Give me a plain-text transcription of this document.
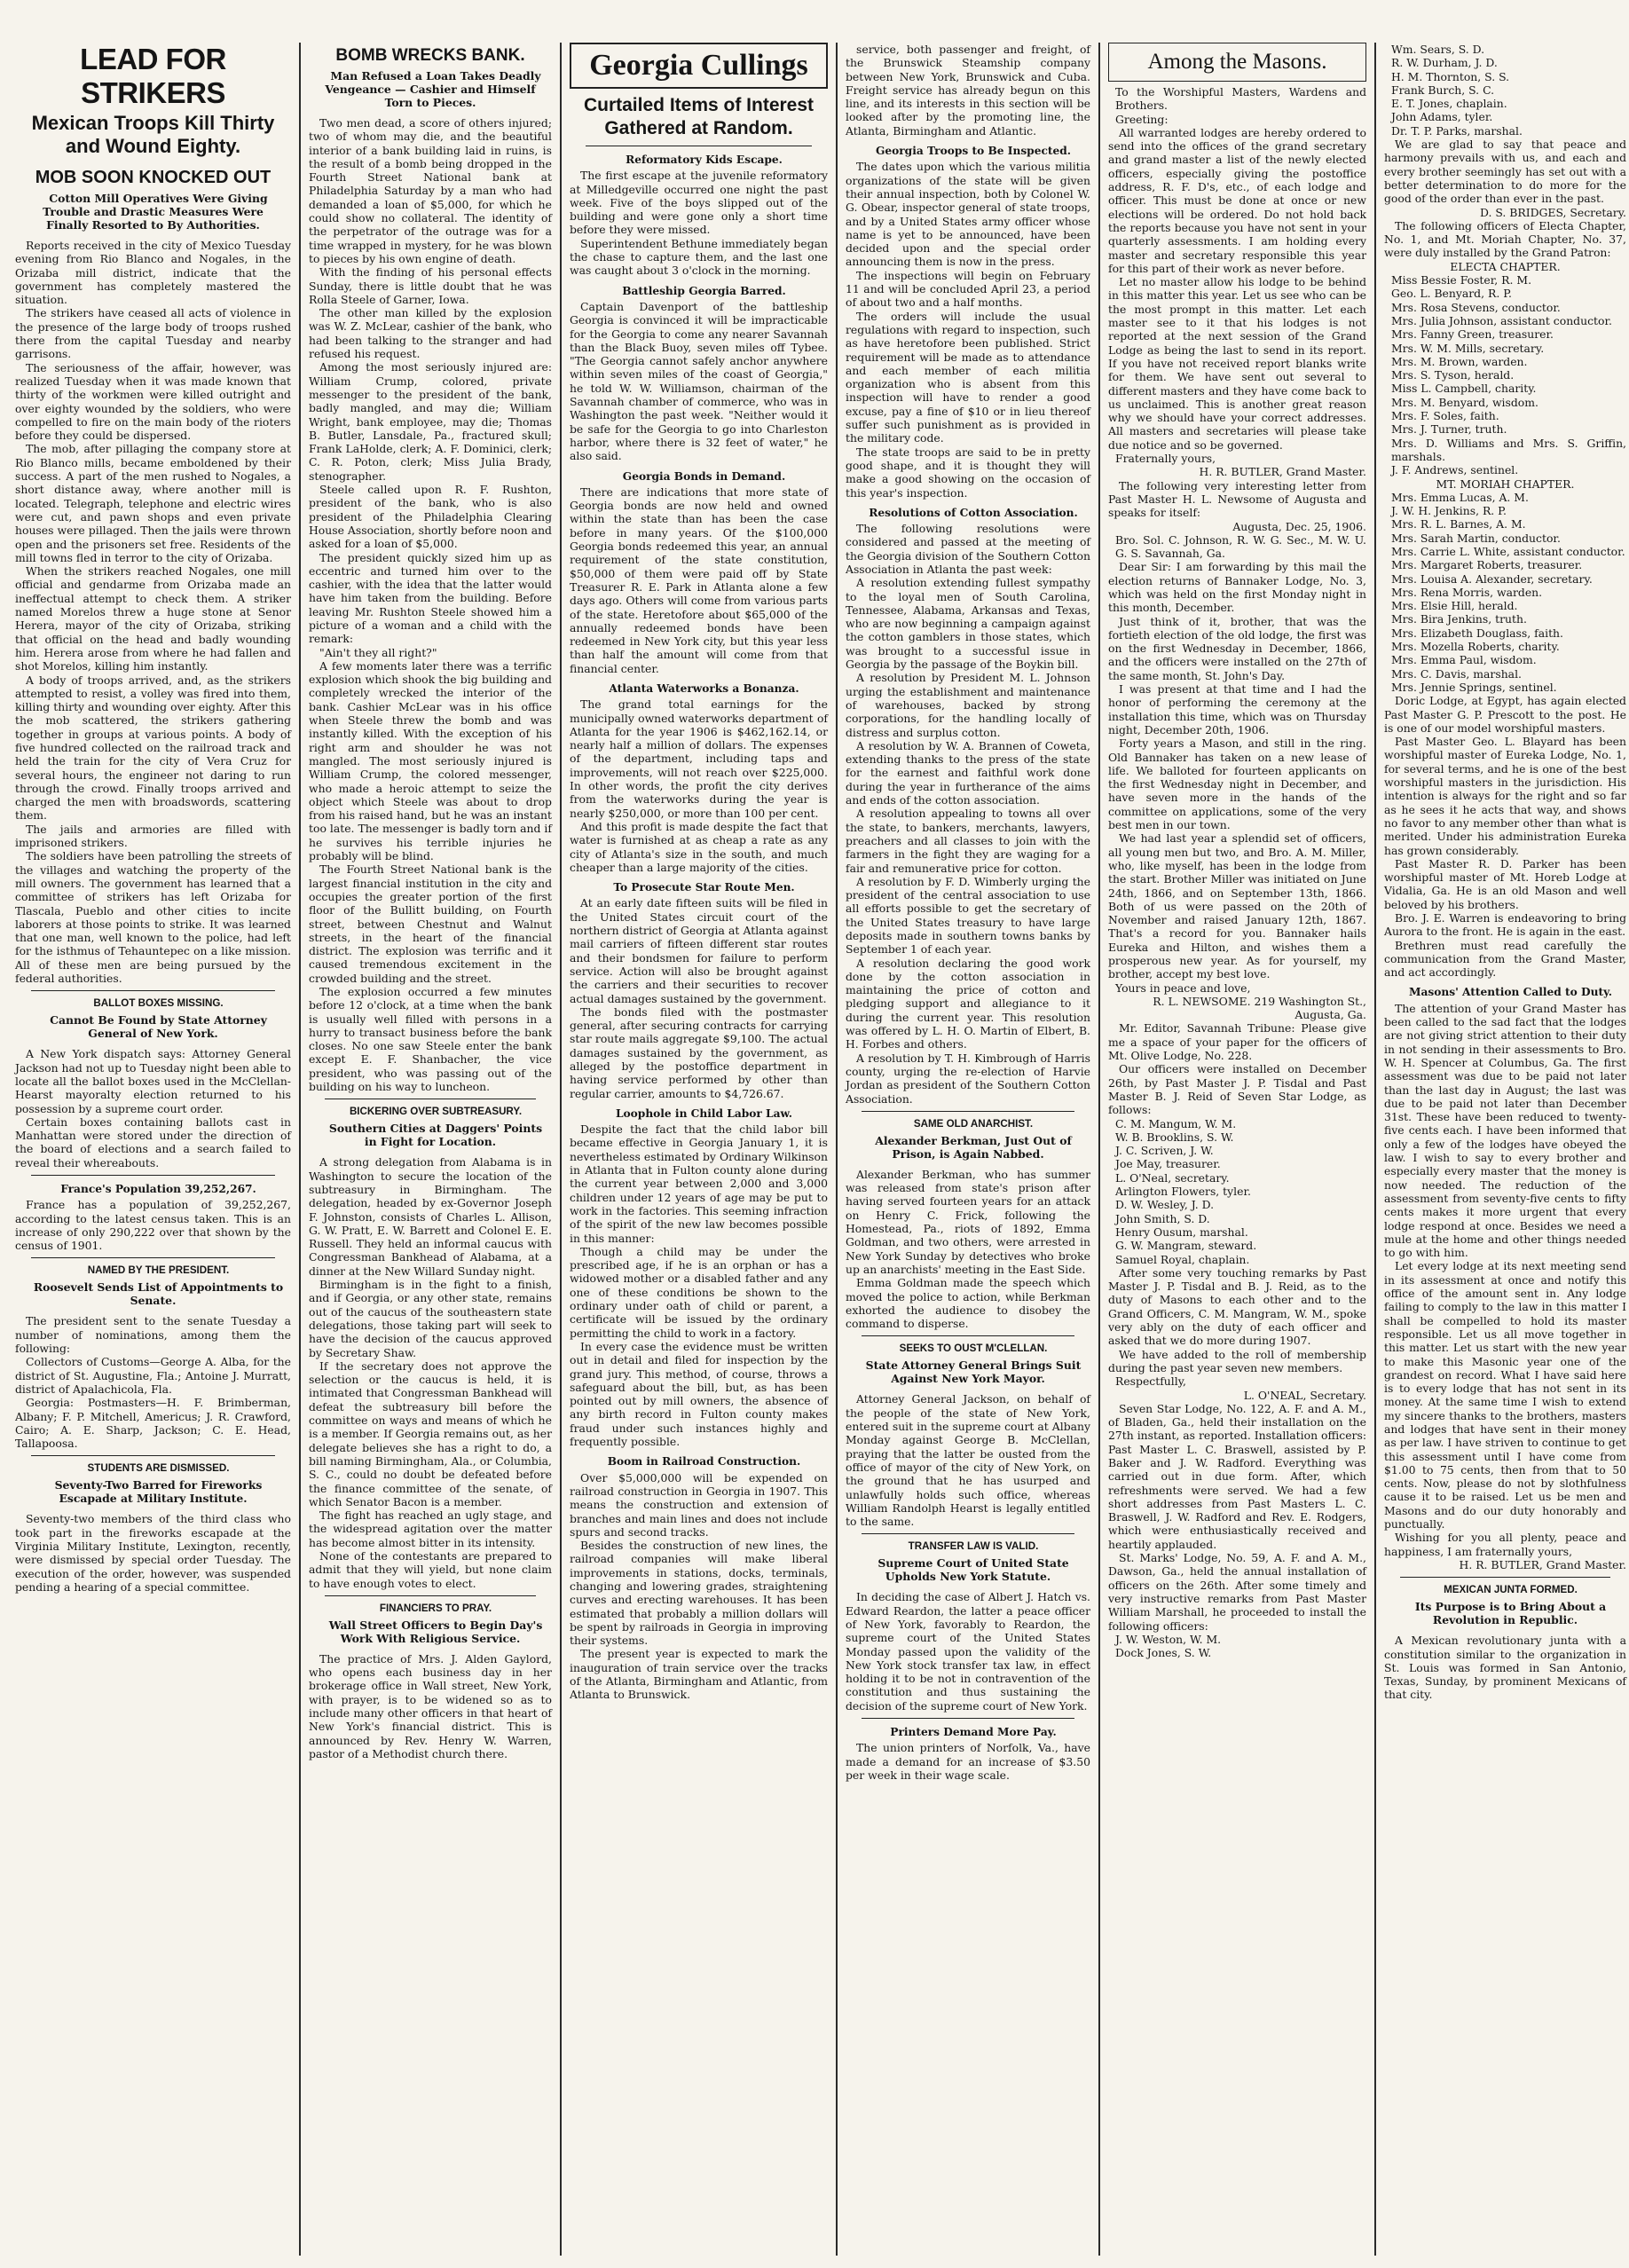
LEAD FOR STRIKERS
Mexican Troops Kill Thirty and Wound Eighty.
MOB SOON KNOCKED OUT

Cotton Mill Operatives Were Giving Trouble and Drastic Measures Were Finally Resorted to By Authorities.

Reports received in the city of Mexico Tuesday evening from Rio Blanco and Nogales, in the Orizaba mill district, indicate that the government has completely mastered the situation.

The strikers have ceased all acts of violence in the presence of the large body of troops rushed there from the capital Tuesday and nearby garrisons.

The seriousness of the affair, however, was realized Tuesday when it was made known that thirty of the workmen were killed outright and over eighty wounded by the soldiers, who were compelled to fire on the main body of the rioters before they could be dispersed.

The mob, after pillaging the company store at Rio Blanco mills, became emboldened by their success. A part of the men rushed to Nogales, a short distance away, where another mill is located. Telegraph, telephone and electric wires were cut, and pawn shops and even private houses were pillaged. Then the jails were thrown open and the prisoners set free. Residents of the mill towns fled in terror to the city of Orizaba.

When the strikers reached Nogales, one mill official and gendarme from Orizaba made an ineffectual attempt to check them. A striker named Morelos threw a huge stone at Senor Herera, mayor of the city of Orizaba, striking that official on the head and badly wounding him. Herera arose from where he had fallen and shot Morelos, killing him instantly.

A body of troops arrived, and, as the strikers attempted to resist, a volley was fired into them, killing thirty and wounding over eighty. After this the mob scattered, the strikers gathering together in groups at various points. A body of five hundred collected on the railroad track and held the train for the city of Vera Cruz for several hours, the engineer not daring to run through the crowd. Finally troops arrived and charged the men with broadswords, scattering them.

The jails and armories are filled with imprisoned strikers.

The soldiers have been patrolling the streets of the villages and watching the property of the mill owners. The government has learned that a committee of strikers has left Orizaba for Tlascala, Pueblo and other cities to incite laborers at those points to strike. It was learned that one man, well known to the police, had left for the isthmus of Tehauntepec on a like mission. All of these men are being pursued by the federal authorities.

BALLOT BOXES MISSING.

Cannot Be Found by State Attorney General of New York.

A New York dispatch says: Attorney General Jackson had not up to Tuesday night been able to locate all the ballot boxes used in the McClellan-Hearst mayoralty election returned to his possession by a supreme court order.

Certain boxes containing ballots cast in Manhattan were stored under the direction of the board of elections and a search failed to reveal their whereabouts.

France's Population 39,252,267.

France has a population of 39,252,267, according to the latest census taken. This is an increase of only 290,222 over that shown by the census of 1901.

NAMED BY THE PRESIDENT.

Roosevelt Sends List of Appointments to Senate.

The president sent to the senate Tuesday a number of nominations, among them the following:

Collectors of Customs—George A. Alba, for the district of St. Augustine, Fla.; Antoine J. Murratt, district of Apalachicola, Fla.

Georgia: Postmasters—H. F. Brimberman, Albany; F. P. Mitchell, Americus; J. R. Crawford, Cairo; A. E. Sharp, Jackson; C. E. Head, Tallapoosa.

STUDENTS ARE DISMISSED.

Seventy-Two Barred for Fireworks Escapade at Military Institute.

Seventy-two members of the third class who took part in the fireworks escapade at the Virginia Military Institute, Lexington, recently, were dismissed by special order Tuesday. The execution of the order, however, was suspended pending a hearing of a special committee.

BOMB WRECKS BANK.

Man Refused a Loan Takes Deadly Vengeance — Cashier and Himself Torn to Pieces.

Two men dead, a score of others injured; two of whom may die, and the beautiful interior of a bank building laid in ruins, is the result of a bomb being dropped in the Fourth Street National bank at Philadelphia Saturday by a man who had demanded a loan of $5,000, for which he could show no collateral. The identity of the perpetrator of the outrage was for a time wrapped in mystery, for he was blown to pieces by his own engine of death.

With the finding of his personal effects Sunday, there is little doubt that he was Rolla Steele of Garner, Iowa.

The other man killed by the explosion was W. Z. McLear, cashier of the bank, who had been talking to the stranger and had refused his request.

Among the most seriously injured are: William Crump, colored, private messenger to the president of the bank, badly mangled, and may die; William Wright, bank employee, may die; Thomas B. Butler, Lansdale, Pa., fractured skull; Frank LaHolde, clerk; A. F. Dominici, clerk; C. R. Poton, clerk; Miss Julia Brady, stenographer.

Steele called upon R. F. Rushton, president of the bank, who is also president of the Philadelphia Clearing House Association, shortly before noon and asked for a loan of $5,000.

The president quickly sized him up as eccentric and turned him over to the cashier, with the idea that the latter would have him taken from the building. Before leaving Mr. Rushton Steele showed him a picture of a woman and a child with the remark:

"Ain't they all right?"

A few moments later there was a terrific explosion which shook the big building and completely wrecked the interior of the bank. Cashier McLear was in his office when Steele threw the bomb and was instantly killed. With the exception of his right arm and shoulder he was not mangled. The most seriously injured is William Crump, the colored messenger, who made a heroic attempt to seize the object which Steele was about to drop from his raised hand, but he was an instant too late. The messenger is badly torn and if he survives his terrible injuries he probably will be blind.

The Fourth Street National bank is the largest financial institution in the city and occupies the greater portion of the first floor of the Bullitt building, on Fourth street, between Chestnut and Walnut streets, in the heart of the financial district. The explosion was terrific and it caused tremendous excitement in the crowded building and the street.

The explosion occurred a few minutes before 12 o'clock, at a time when the bank is usually well filled with persons in a hurry to transact business before the bank closes. No one saw Steele enter the bank except E. F. Shanbacher, the vice president, who was passing out of the building on his way to luncheon.

BICKERING OVER SUBTREASURY.

Southern Cities at Daggers' Points in Fight for Location.

A strong delegation from Alabama is in Washington to secure the location of the subtreasury in Birmingham. The delegation, headed by ex-Governor Joseph F. Johnston, consists of Charles L. Allison, G. W. Pratt, E. W. Barrett and Colonel E. E. Russell. They held an informal caucus with Congressman Bankhead of Alabama, at a dinner at the New Willard Sunday night.

Birmingham is in the fight to a finish, and if Georgia, or any other state, remains out of the caucus of the southeastern state delegations, those taking part will seek to have the decision of the caucus approved by Secretary Shaw.

If the secretary does not approve the selection or the caucus is held, it is intimated that Congressman Bankhead will defeat the subtreasury bill before the committee on ways and means of which he is a member. If Georgia remains out, as her delegate believes she has a right to do, a bill naming Birmingham, Ala., or Columbia, S. C., could no doubt be defeated before the finance committee of the senate, of which Senator Bacon is a member.

The fight has reached an ugly stage, and the widespread agitation over the matter has become almost bitter in its intensity.

None of the contestants are prepared to admit that they will yield, but none claim to have enough votes to elect.

FINANCIERS TO PRAY.

Wall Street Officers to Begin Day's Work With Religious Service.

The practice of Mrs. J. Alden Gaylord, who opens each business day in her brokerage office in Wall street, New York, with prayer, is to be widened so as to include many other officers in that heart of New York's financial district. This is announced by Rev. Henry W. Warren, pastor of a Methodist church there.

Georgia Cullings
Curtailed Items of Interest Gathered at Random.

Reformatory Kids Escape.

The first escape at the juvenile reformatory at Milledgeville occurred one night the past week. Five of the boys slipped out of the building and were gone only a short time before they were missed.

Superintendent Bethune immediately began the chase to capture them, and the last one was caught about 3 o'clock in the morning.

Battleship Georgia Barred.

Captain Davenport of the battleship Georgia is convinced it will be impracticable for the Georgia to come any nearer Savannah than the Black Buoy, seven miles off Tybee. "The Georgia cannot safely anchor anywhere within seven miles of the coast of Georgia," he told W. W. Williamson, chairman of the Savannah chamber of commerce, who was in Washington the past week. "Neither would it be safe for the Georgia to go into Charleston harbor, where there is 32 feet of water," he also said.

Georgia Bonds in Demand.

There are indications that more state of Georgia bonds are now held and owned within the state than has been the case before in many years. Of the $100,000 Georgia bonds redeemed this year, an annual requirement of the state constitution, $50,000 of them were paid off by State Treasurer R. E. Park in Atlanta alone a few days ago. Others will come from various parts of the state. Heretofore about $65,000 of the annually redeemed bonds have been redeemed in New York city, but this year less than half the amount will come from that financial center.

Atlanta Waterworks a Bonanza.

The grand total earnings for the municipally owned waterworks department of Atlanta for the year 1906 is $462,162.14, or nearly half a million of dollars. The expenses of the department, including taps and improvements, will not reach over $225,000. In other words, the profit the city derives from the waterworks during the year is nearly $250,000, or more than 100 per cent.

And this profit is made despite the fact that water is furnished at as cheap a rate as any city of Atlanta's size in the south, and much cheaper than a large majority of the cities.

To Prosecute Star Route Men.

At an early date fifteen suits will be filed in the United States circuit court of the northern district of Georgia at Atlanta against mail carriers of fifteen different star routes and their bondsmen for failure to perform service. Action will also be brought against the carriers and their securities to recover actual damages sustained by the government.

The bonds filed with the postmaster general, after securing contracts for carrying star route mails aggregate $9,100. The actual damages sustained by the government, as alleged by the postoffice department in having service performed by other than regular carrier, amounts to $4,726.67.

Loophole in Child Labor Law.

Despite the fact that the child labor bill became effective in Georgia January 1, it is nevertheless estimated by Ordinary Wilkinson in Atlanta that in Fulton county alone during the current year between 2,000 and 3,000 children under 12 years of age may be put to work in the factories. This seeming infraction of the spirit of the new law becomes possible in this manner:

Though a child may be under the prescribed age, if he is an orphan or has a widowed mother or a disabled father and any one of these conditions be shown to the ordinary under oath of child or parent, a certificate will be issued by the ordinary permitting the child to work in a factory.

In every case the evidence must be written out in detail and filed for inspection by the grand jury. This method, of course, throws a safeguard about the bill, but, as has been pointed out by mill owners, the absence of any birth record in Fulton county makes fraud under such instances highly and frequently possible.

Boom in Railroad Construction.

Over $5,000,000 will be expended on railroad construction in Georgia in 1907. This means the construction and extension of branches and main lines and does not include spurs and second tracks.

Besides the construction of new lines, the railroad companies will make liberal improvements in stations, docks, terminals, changing and lowering grades, straightening curves and erecting warehouses. It has been estimated that probably a million dollars will be spent by railroads in Georgia in improving their systems.

The present year is expected to mark the inauguration of train service over the tracks of the Atlanta, Birmingham and Atlantic, from Atlanta to Brunswick.

service, both passenger and freight, of the Brunswick Steamship company between New York, Brunswick and Cuba. Freight service has already begun on this line, and its interests in this section will be looked after by the promoting line, the Atlanta, Birmingham and Atlantic.

Georgia Troops to Be Inspected.

The dates upon which the various militia organizations of the state will be given their annual inspection, both by Colonel W. G. Obear, inspector general of state troops, and by a United States army officer whose name is yet to be announced, have been decided upon and the special order announcing them is now in the press.

The inspections will begin on February 11 and will be concluded April 23, a period of about two and a half months.

The orders will include the usual regulations with regard to inspection, such as have heretofore been published. Strict requirement will be made as to attendance and each member of each militia organization who is absent from this inspection will have to render a good excuse, pay a fine of $10 or in lieu thereof suffer such punishment as is provided in the military code.

The state troops are said to be in pretty good shape, and it is thought they will make a good showing on the occasion of this year's inspection.

Resolutions of Cotton Association.

The following resolutions were considered and passed at the meeting of the Georgia division of the Southern Cotton Association in Atlanta the past week:

A resolution extending fullest sympathy to the loyal men of South Carolina, Tennessee, Alabama, Arkansas and Texas, who are now beginning a campaign against the cotton gamblers in those states, which was brought to a successful issue in Georgia by the passage of the Boykin bill.

A resolution by President M. L. Johnson urging the establishment and maintenance of warehouses, backed by strong corporations, for the handling locally of distress and surplus cotton.

A resolution by W. A. Brannen of Coweta, extending thanks to the press of the state for the earnest and faithful work done during the year in furtherance of the aims and ends of the cotton association.

A resolution appealing to towns all over the state, to bankers, merchants, lawyers, preachers and all classes to join with the farmers in the fight they are waging for a fair and remunerative price for cotton.

A resolution by F. D. Wimberly urging the president of the central association to use all efforts possible to get the secretary of the United States treasury to have large deposits made in southern towns banks by September 1 of each year.

A resolution declaring the good work done by the cotton association in maintaining the price of cotton and pledging support and allegiance to it during the current year. This resolution was offered by L. H. O. Martin of Elbert, B. H. Forbes and others.

A resolution by T. H. Kimbrough of Harris county, urging the re-election of Harvie Jordan as president of the Southern Cotton Association.

SAME OLD ANARCHIST.

Alexander Berkman, Just Out of Prison, is Again Nabbed.

Alexander Berkman, who has summer was released from state's prison after having served fourteen years for an attack on Henry C. Frick, following the Homestead, Pa., riots of 1892, Emma Goldman, and two others, were arrested in New York Sunday by detectives who broke up an anarchists' meeting in the East Side.

Emma Goldman made the speech which moved the police to action, while Berkman exhorted the audience to disobey the command to disperse.

SEEKS TO OUST M'CLELLAN.

State Attorney General Brings Suit Against New York Mayor.

Attorney General Jackson, on behalf of the people of the state of New York, entered suit in the supreme court at Albany Monday against George B. McClellan, praying that the latter be ousted from the office of mayor of the city of New York, on the ground that he has usurped and unlawfully holds such office, whereas William Randolph Hearst is legally entitled to the same.

TRANSFER LAW IS VALID.

Supreme Court of United State Upholds New York Statute.

In deciding the case of Albert J. Hatch vs. Edward Reardon, the latter a peace officer of New York, favorably to Reardon, the supreme court of the United States Monday passed upon the validity of the New York stock transfer tax law, in effect holding it to be not in contravention of the constitution and thus sustaining the decision of the supreme court of New York.

Printers Demand More Pay.

The union printers of Norfolk, Va., have made a demand for an increase of $3.50 per week in their wage scale.

Among the Masons.

To the Worshipful Masters, Wardens and Brothers.

Greeting:

All warranted lodges are hereby ordered to send into the offices of the grand secretary and grand master a list of the newly elected officers, especially giving the postoffice address, R. F. D's, etc., of each lodge and officer. This must be done at once or new elections will be ordered. Do not hold back the reports because you have not sent in your quarterly assessments. I am holding every master and secretary responsible this year for this part of their work as never before.

Let no master allow his lodge to be behind in this matter this year. Let us see who can be the most prompt in this matter. Let each master see to it that his lodges is not reported at the next session of the Grand Lodge as being the last to send in its report. If you have not received report blanks write for them. We have sent out several to different masters and they have come back to us unclaimed. This is another great reason why we should have your correct addresses. All masters and secretaries will please take due notice and so be governed.

Fraternally yours,

H. R. BUTLER, Grand Master.

The following very interesting letter from Past Master H. L. Newsome of Augusta and speaks for itself:

Augusta, Dec. 25, 1906.

Bro. Sol. C. Johnson, R. W. G. Sec., M. W. U. G. S. Savannah, Ga.

Dear Sir: I am forwarding by this mail the election returns of Bannaker Lodge, No. 3, which was held on the first Monday night in this month, December.

Just think of it, brother, that was the fortieth election of the old lodge, the first was on the first Wednesday in December, 1866, and the officers were installed on the 27th of the same month, St. John's Day.

I was present at that time and I had the honor of performing the ceremony at the installation this time, which was on Thursday night, December 20th, 1906.

Forty years a Mason, and still in the ring. Old Bannaker has taken on a new lease of life. We balloted for fourteen applicants on the first Wednesday night in December, and have seven more in the hands of the committee on applications, some of the very best men in our town.

We had last year a splendid set of officers, all young men but two, and Bro. A. M. Miller, who, like myself, has been in the lodge from the start. Brother Miller was initiated on June 24th, 1866, and on September 13th, 1866. Both of us were passed on the 20th of November and raised January 12th, 1867. That's a record for you. Bannaker hails Eureka and Hilton, and wishes them a prosperous new year. As for yourself, my brother, accept my best love.

Yours in peace and love,

R. L. NEWSOME. 219 Washington St., Augusta, Ga.

Mr. Editor, Savannah Tribune: Please give me a space of your paper for the officers of Mt. Olive Lodge, No. 228.

Our officers were installed on December 26th, by Past Master J. P. Tisdal and Past Master B. J. Reid of Seven Star Lodge, as follows:

C. M. Mangum, W. M.

W. B. Brooklins, S. W.

J. C. Scriven, J. W.

Joe May, treasurer.

L. O'Neal, secretary.

Arlington Flowers, tyler.

D. W. Wesley, J. D.

John Smith, S. D.

Henry Ousum, marshal.

G. W. Mangram, steward.

Samuel Royal, chaplain.

After some very touching remarks by Past Master J. P. Tisdal and B. J. Reid, as to the duty of Masons to each other and to the Grand Officers, C. M. Mangram, W. M., spoke very ably on the duty of each officer and asked that we do more during 1907.

We have added to the roll of membership during the past year seven new members.

Respectfully,

L. O'NEAL, Secretary.

Seven Star Lodge, No. 122, A. F. and A. M., of Bladen, Ga., held their installation on the 27th instant, as reported. Installation officers: Past Master L. C. Braswell, assisted by P. Baker and J. W. Radford. Everything was carried out in due form. After, which refreshments were served. We had a few short addresses from Past Masters L. C. Braswell, J. W. Radford and Rev. E. Rodgers, which were enthusiastically received and heartily applauded.

St. Marks' Lodge, No. 59, A. F. and A. M., Dawson, Ga., held the annual installation of officers on the 26th. After some timely and very instructive remarks from Past Master William Marshall, he proceeded to install the following officers:

J. W. Weston, W. M.

Dock Jones, S. W.

Wm. Sears, S. D.

R. W. Durham, J. D.

H. M. Thornton, S. S.

Frank Burch, S. C.

E. T. Jones, chaplain.

John Adams, tyler.

Dr. T. P. Parks, marshal.

We are glad to say that peace and harmony prevails with us, and each and every brother seemingly has set out with a better determination to do more for the good of the order than ever in the past.

D. S. BRIDGES, Secretary.

The following officers of Electa Chapter, No. 1, and Mt. Moriah Chapter, No. 37, were duly installed by the Grand Patron:

ELECTA CHAPTER.

Miss Bessie Foster, R. M.

Geo. L. Benyard, R. P.

Mrs. Rosa Stevens, conductor.

Mrs. Julia Johnson, assistant conductor.

Mrs. Fanny Green, treasurer.

Mrs. W. M. Mills, secretary.

Mrs. M. Brown, warden.

Mrs. S. Tyson, herald.

Miss L. Campbell, charity.

Mrs. M. Benyard, wisdom.

Mrs. F. Soles, faith.

Mrs. J. Turner, truth.

Mrs. D. Williams and Mrs. S. Griffin, marshals.

J. F. Andrews, sentinel.

MT. MORIAH CHAPTER.

Mrs. Emma Lucas, A. M.

J. W. H. Jenkins, R. P.

Mrs. R. L. Barnes, A. M.

Mrs. Sarah Martin, conductor.

Mrs. Carrie L. White, assistant conductor.

Mrs. Margaret Roberts, treasurer.

Mrs. Louisa A. Alexander, secretary.

Mrs. Rena Morris, warden.

Mrs. Elsie Hill, herald.

Mrs. Bira Jenkins, truth.

Mrs. Elizabeth Douglass, faith.

Mrs. Mozella Roberts, charity.

Mrs. Emma Paul, wisdom.

Mrs. C. Davis, marshal.

Mrs. Jennie Springs, sentinel.

Doric Lodge, at Egypt, has again elected Past Master G. P. Prescott to the post. He is one of our model worshipful masters.

Past Master Geo. L. Blayard has been worshipful master of Eureka Lodge, No. 1, for several terms, and he is one of the best worshipful masters in the jurisdiction. His intention is always for the right and so far as he sees it he acts that way, and shows no favor to any member other than what is merited. Under his administration Eureka has grown considerably.

Past Master R. D. Parker has been worshipful master of Mt. Horeb Lodge at Vidalia, Ga. He is an old Mason and well beloved by his brothers.

Bro. J. E. Warren is endeavoring to bring Aurora to the front. He is again in the east.

Brethren must read carefully the communication from the Grand Master, and act accordingly.

Masons' Attention Called to Duty.

The attention of your Grand Master has been called to the sad fact that the lodges are not giving strict attention to their duty in not sending in their assessments to Bro. W. H. Spencer at Columbus, Ga. The first assessment was due to be paid not later than the last day in August; the last was due to be paid not later than December 31st. These have been reduced to twenty-five cents each. I have been informed that only a few of the lodges have obeyed the law. I wish to say to every brother and especially every master that the money is now needed. The reduction of the assessment from seventy-five cents to fifty cents makes it more urgent that every lodge respond at once. Besides we need a mule at the home and other things needed to go with him.

Let every lodge at its next meeting send in its assessment at once and notify this office of the amount sent in. Any lodge failing to comply to the law in this matter I shall be compelled to hold its master responsible. Let us all move together in this matter. Let us start with the new year to make this Masonic year one of the grandest on record. What I have said here is to every lodge that has not sent in its money. At the same time I wish to extend my sincere thanks to the brothers, masters and lodges that have sent in their money as per law. I have striven to continue to get this assessment until I have come from $1.00 to 75 cents, then from that to 50 cents. Now, please do not by slothfulness cause it to be raised. Let us be men and Masons and do our duty honorably and punctually.

Wishing for you all plenty, peace and happiness, I am fraternally yours,

H. R. BUTLER, Grand Master.

MEXICAN JUNTA FORMED.

Its Purpose is to Bring About a Revolution in Republic.

A Mexican revolutionary junta with a constitution similar to the organization in St. Louis was formed in San Antonio, Texas, Sunday, by prominent Mexicans of that city.
